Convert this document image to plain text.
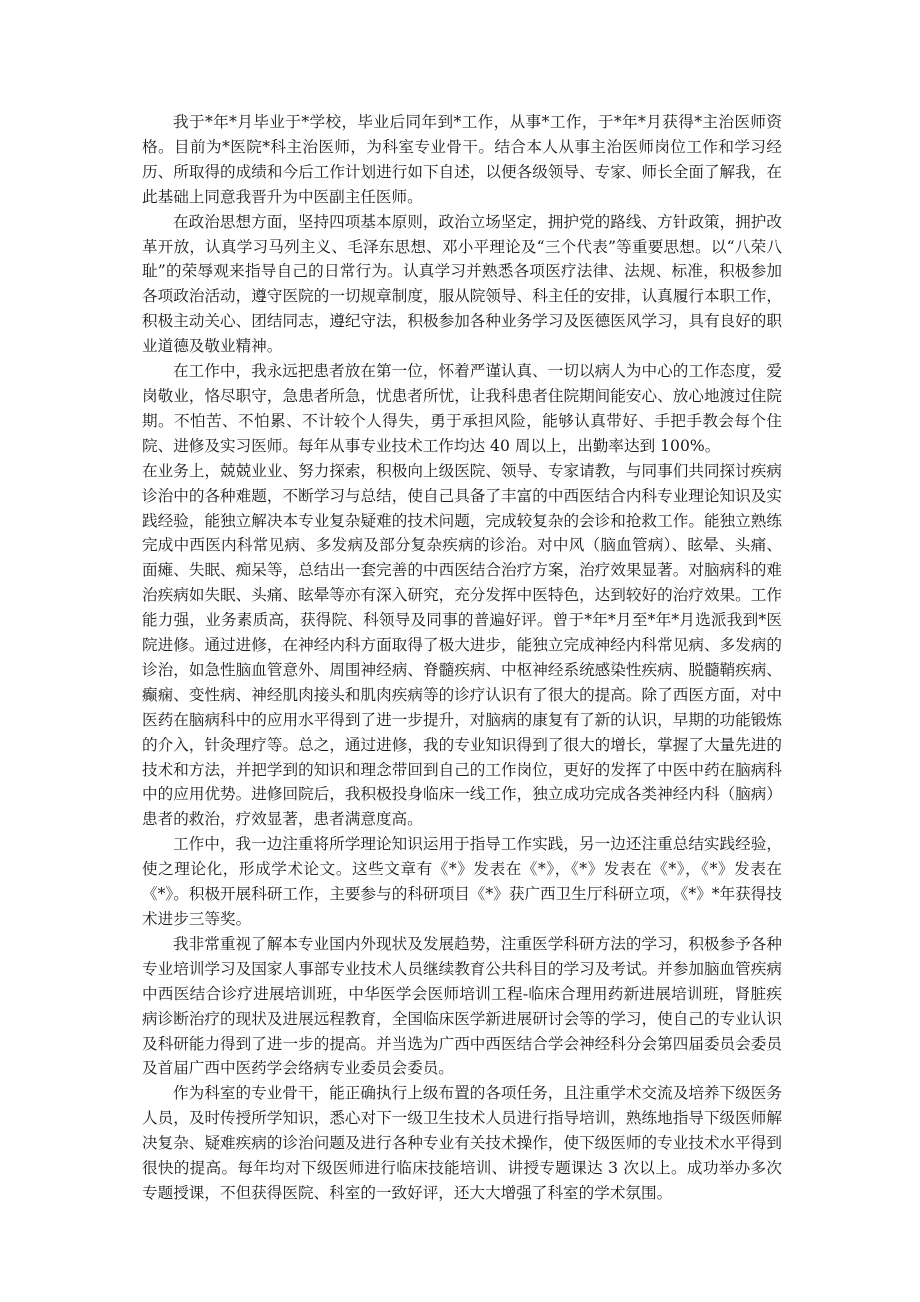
我于*年*月毕业于*学校，毕业后同年到*工作，从事*工作，于*年*月获得*主治医师资格。目前为*医院*科主治医师，为科室专业骨干。结合本人从事主治医师岗位工作和学习经历、所取得的成绩和今后工作计划进行如下自述，以便各级领导、专家、师长全面了解我，在此基础上同意我晋升为中医副主任医师。

在政治思想方面，坚持四项基本原则，政治立场坚定，拥护党的路线、方针政策，拥护改革开放，认真学习马列主义、毛泽东思想、邓小平理论及“三个代表”等重要思想。以“八荣八耻”的荣辱观来指导自己的日常行为。认真学习并熟悉各项医疗法律、法规、标准，积极参加各项政治活动，遵守医院的一切规章制度，服从院领导、科主任的安排，认真履行本职工作，积极主动关心、团结同志，遵纪守法，积极参加各种业务学习及医德医风学习，具有良好的职业道德及敬业精神。

在工作中，我永远把患者放在第一位，怀着严谨认真、一切以病人为中心的工作态度，爱岗敬业，恪尽职守，急患者所急，忧患者所忧，让我科患者住院期间能安心、放心地渡过住院期。不怕苦、不怕累、不计较个人得失，勇于承担风险，能够认真带好、手把手教会每个住院、进修及实习医师。每年从事专业技术工作均达 40 周以上，出勤率达到 100%。

在业务上，兢兢业业、努力探索，积极向上级医院、领导、专家请教，与同事们共同探讨疾病诊治中的各种难题，不断学习与总结，使自己具备了丰富的中西医结合内科专业理论知识及实践经验，能独立解决本专业复杂疑难的技术问题，完成较复杂的会诊和抢救工作。能独立熟练完成中西医内科常见病、多发病及部分复杂疾病的诊治。对中风（脑血管病）、眩晕、头痛、面瘫、失眠、痴呆等，总结出一套完善的中西医结合治疗方案，治疗效果显著。对脑病科的难治疾病如失眠、头痛、眩晕等亦有深入研究，充分发挥中医特色，达到较好的治疗效果。工作能力强，业务素质高，获得院、科领导及同事的普遍好评。曾于*年*月至*年*月选派我到*医院进修。通过进修，在神经内科方面取得了极大进步，能独立完成神经内科常见病、多发病的诊治，如急性脑血管意外、周围神经病、脊髓疾病、中枢神经系统感染性疾病、脱髓鞘疾病、癫痫、变性病、神经肌肉接头和肌肉疾病等的诊疗认识有了很大的提高。除了西医方面，对中医药在脑病科中的应用水平得到了进一步提升，对脑病的康复有了新的认识，早期的功能锻炼的介入，针灸理疗等。总之，通过进修，我的专业知识得到了很大的增长，掌握了大量先进的技术和方法，并把学到的知识和理念带回到自己的工作岗位，更好的发挥了中医中药在脑病科中的应用优势。进修回院后，我积极投身临床一线工作，独立成功完成各类神经内科（脑病）患者的救治，疗效显著，患者满意度高。

工作中，我一边注重将所学理论知识运用于指导工作实践，另一边还注重总结实践经验，使之理论化，形成学术论文。这些文章有《*》发表在《*》，《*》发表在《*》，《*》发表在《*》。积极开展科研工作，主要参与的科研项目《*》获广西卫生厅科研立项，《*》*年获得技术进步三等奖。

我非常重视了解本专业国内外现状及发展趋势，注重医学科研方法的学习，积极参予各种专业培训学习及国家人事部专业技术人员继续教育公共科目的学习及考试。并参加脑血管疾病中西医结合诊疗进展培训班，中华医学会医师培训工程-临床合理用药新进展培训班，肾脏疾病诊断治疗的现状及进展远程教育，全国临床医学新进展研讨会等的学习，使自己的专业认识及科研能力得到了进一步的提高。并当选为广西中西医结合学会神经科分会第四届委员会委员及首届广西中医药学会络病专业委员会委员。

作为科室的专业骨干，能正确执行上级布置的各项任务，且注重学术交流及培养下级医务人员，及时传授所学知识，悉心对下一级卫生技术人员进行指导培训，熟练地指导下级医师解决复杂、疑难疾病的诊治问题及进行各种专业有关技术操作，使下级医师的专业技术水平得到很快的提高。每年均对下级医师进行临床技能培训、讲授专题课达 3 次以上。成功举办多次专题授课，不但获得医院、科室的一致好评，还大大增强了科室的学术氛围。
